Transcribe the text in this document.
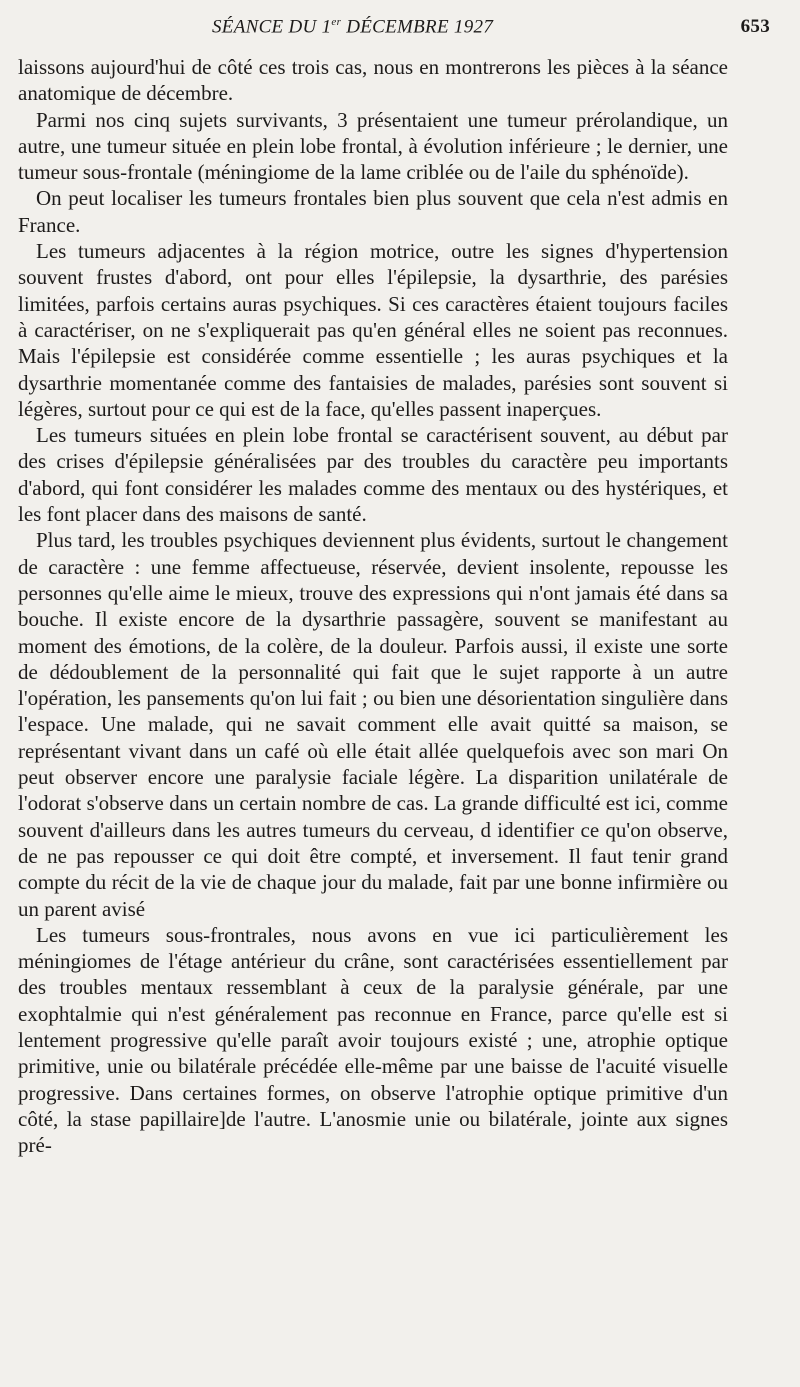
SÉANCE DU 1er DÉCEMBRE 1927	653

laissons aujourd'hui de côté ces trois cas, nous en montrerons les pièces à la séance anatomique de décembre.

Parmi nos cinq sujets survivants, 3 présentaient une tumeur prérolandique, un autre, une tumeur située en plein lobe frontal, à évolution inférieure ; le dernier, une tumeur sous-frontale (méningiome de la lame criblée ou de l'aile du sphénoïde).

On peut localiser les tumeurs frontales bien plus souvent que cela n'est admis en France.

Les tumeurs adjacentes à la région motrice, outre les signes d'hypertension souvent frustes d'abord, ont pour elles l'épilepsie, la dysarthrie, des parésies limitées, parfois certains auras psychiques. Si ces caractères étaient toujours faciles à caractériser, on ne s'expliquerait pas qu'en général elles ne soient pas reconnues. Mais l'épilepsie est considérée comme essentielle ; les auras psychiques et la dysarthrie momentanée comme des fantaisies de malades, parésies sont souvent si légères, surtout pour ce qui est de la face, qu'elles passent inaperçues.

Les tumeurs situées en plein lobe frontal se caractérisent souvent, au début par des crises d'épilepsie généralisées par des troubles du caractère peu importants d'abord, qui font considérer les malades comme des mentaux ou des hystériques, et les font placer dans des maisons de santé.

Plus tard, les troubles psychiques deviennent plus évidents, surtout le changement de caractère : une femme affectueuse, réservée, devient insolente, repousse les personnes qu'elle aime le mieux, trouve des expressions qui n'ont jamais été dans sa bouche. Il existe encore de la dysarthrie passagère, souvent se manifestant au moment des émotions, de la colère, de la douleur. Parfois aussi, il existe une sorte de dédoublement de la personnalité qui fait que le sujet rapporte à un autre l'opération, les pansements qu'on lui fait ; ou bien une désorientation singulière dans l'espace. Une malade, qui ne savait comment elle avait quitté sa maison, se représentant vivant dans un café où elle était allée quelquefois avec son mari On peut observer encore une paralysie faciale légère. La disparition unilatérale de l'odorat s'observe dans un certain nombre de cas. La grande difficulté est ici, comme souvent d'ailleurs dans les autres tumeurs du cerveau, d identifier ce qu'on observe, de ne pas repousser ce qui doit être compté, et inversement. Il faut tenir grand compte du récit de la vie de chaque jour du malade, fait par une bonne infirmière ou un parent avisé

Les tumeurs sous-frontrales, nous avons en vue ici particulièrement les méningiomes de l'étage antérieur du crâne, sont caractérisées essentiellement par des troubles mentaux ressemblant à ceux de la paralysie générale, par une exophtalmie qui n'est généralement pas reconnue en France, parce qu'elle est si lentement progressive qu'elle paraît avoir toujours existé ; une, atrophie optique primitive, unie ou bilatérale précédée elle-même par une baisse de l'acuité visuelle progressive. Dans certaines formes, on observe l'atrophie optique primitive d'un côté, la stase papillaire]de l'autre. L'anosmie unie ou bilatérale, jointe aux signes pré-
